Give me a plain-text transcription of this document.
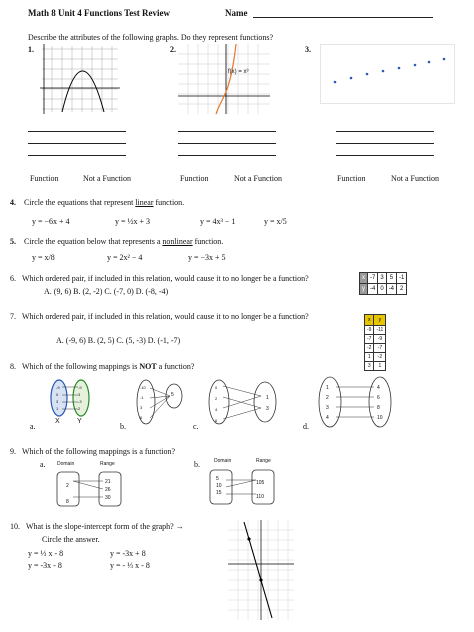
Math 8 Unit 4 Functions Test Review	Name
Describe the attributes of the following graphs. Do they represent functions?
1.	2.	3.
f(x) = x³
Function	Not a Function	Function	Not a Function	Function	Not a Function
4. Circle the equations that represent linear function.
y = −6x + 4	y = ½x + 3	y = 4x³ − 1	y = x/5
5. Circle the equation below that represents a nonlinear function.
y = x/8	y = 2x² − 4	y = −3x + 5
6. Which ordered pair, if included in this relation, would cause it to no longer be a function?
A. (9, 6) B. (2, -2) C. (-7, 0) D. (-8, -4)
x	-7	3	5	-1
y	-4	0	-4	2
7. Which ordered pair, if included in this relation, would cause it to no longer be a function?
A. (-9, 6) B. (2, 5) C. (5, -3) D. (-1, -7)
x	y
-9	-11
-7	-9
-2	-7
1	-2
3	1
8. Which of the following mappings is NOT a function?
-9
0
3
1
-9
3
-3
2
X Y
-10
-1
3
6
5
0
2
4
6
1
3
1
2
3
4
4
6
8
10
a.	b.	c.	d.
9. Which of the following mappings is a function?
a.	b.
Domain	Range
2
8
21
26
30
Domain	Range
5
10
15
105
110
10. What is the slope-intercept form of the graph? →
Circle the answer.
y = ⅓ x - 8	y = -3x + 8
y = -3x - 8	y = - ⅓ x - 8
